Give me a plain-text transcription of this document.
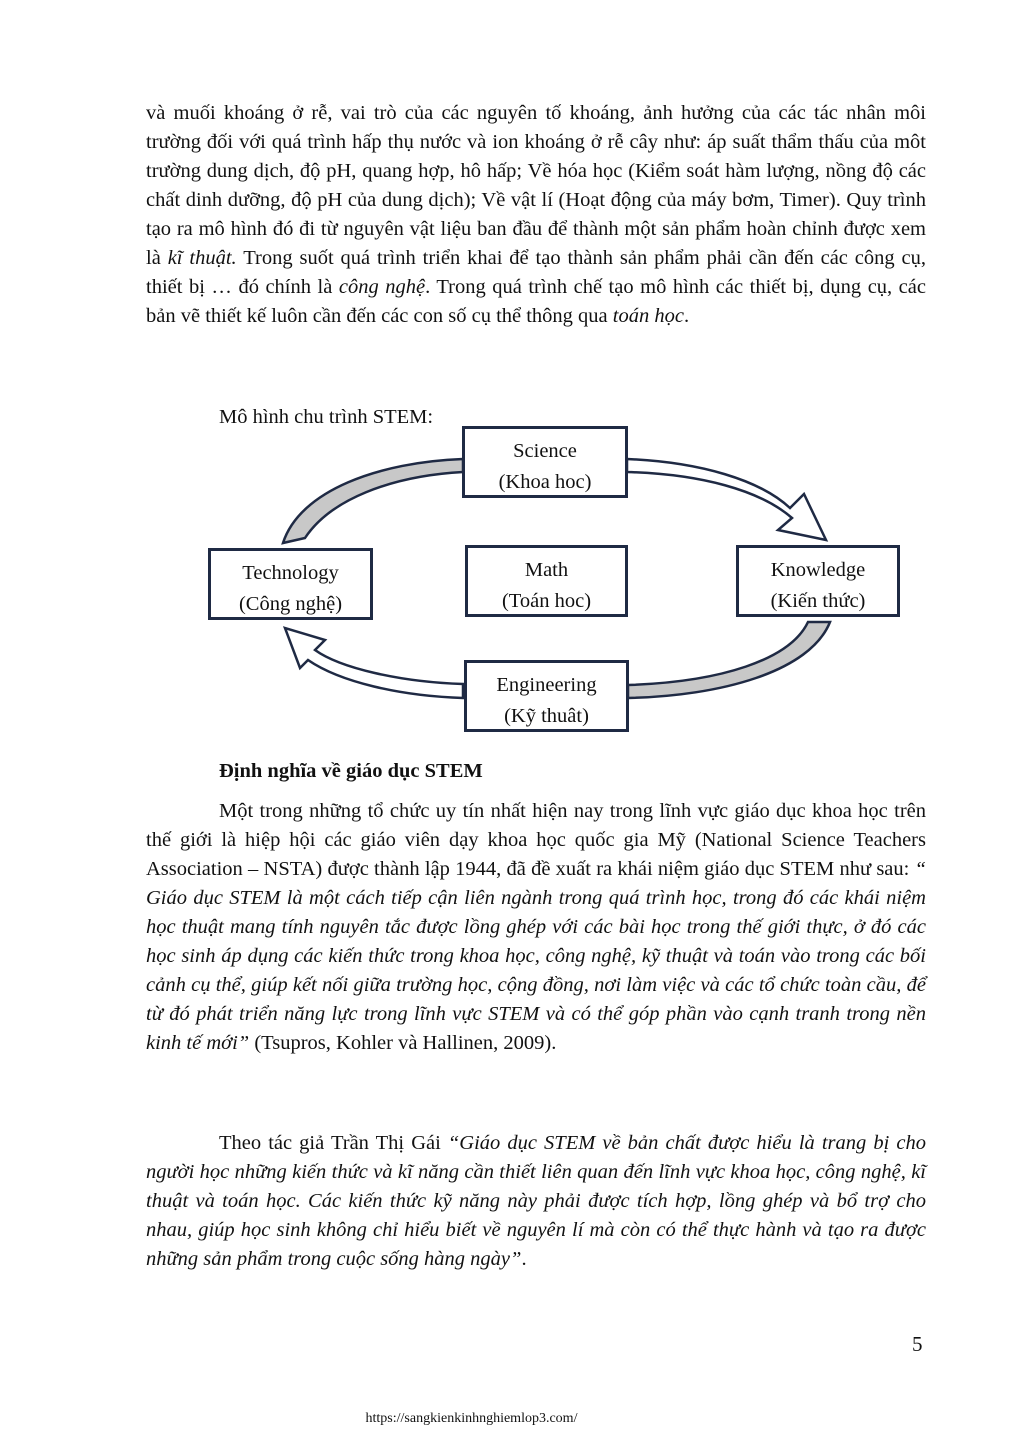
và muối khoáng ở rễ, vai trò của các nguyên tố khoáng, ảnh hưởng của các tác nhân môi trường đối với quá trình hấp thụ nước và ion khoáng ở rễ cây như: áp suất thẩm thấu của môt trường dung dịch, độ pH, quang hợp, hô hấp; Về hóa học (Kiểm soát hàm lượng, nồng độ các chất dinh dưỡng, độ pH của dung dịch); Về vật lí (Hoạt động của máy bơm, Timer). Quy trình tạo ra mô hình đó đi từ nguyên vật liệu ban đầu để thành một sản phẩm hoàn chỉnh được xem là kĩ thuật. Trong suốt quá trình triển khai để tạo thành sản phẩm phải cần đến các công cụ, thiết bị … đó chính là công nghệ. Trong quá trình chế tạo mô hình các thiết bị, dụng cụ, các bản vẽ thiết kế luôn cần đến các con số cụ thể thông qua toán học.

Mô hình chu trình STEM:

Science
(Khoa hoc)
Technology
(Công nghệ)
Math
(Toán hoc)
Knowledge
(Kiến thức)
Engineering
(Kỹ thuât)

Định nghĩa về giáo dục STEM

Một trong những tổ chức uy tín nhất hiện nay trong lĩnh vực giáo dục khoa học trên thế giới là hiệp hội các giáo viên dạy khoa học quốc gia Mỹ (National Science Teachers Association – NSTA) được thành lập 1944, đã đề xuất ra khái niệm giáo dục STEM như sau: “ Giáo dục STEM là một cách tiếp cận liên ngành trong quá trình học, trong đó các khái niệm học thuật mang tính nguyên tắc được lồng ghép với các bài học trong thế giới thực, ở đó các học sinh áp dụng các kiến thức trong khoa học, công nghệ, kỹ thuật và toán vào trong các bối cảnh cụ thể, giúp kết nối giữa trường học, cộng đồng, nơi làm việc và các tổ chức toàn cầu, để từ đó phát triển năng lực trong lĩnh vực STEM và có thể góp phần vào cạnh tranh trong nền kinh tế mới” (Tsupros, Kohler và Hallinen, 2009).

Theo tác giả Trần Thị Gái “Giáo dục STEM về bản chất được hiểu là trang bị cho người học những kiến thức và kĩ năng cần thiết liên quan đến lĩnh vực khoa học, công nghệ, kĩ thuật và toán học. Các kiến thức kỹ năng này phải được tích hợp, lồng ghép và bổ trợ cho nhau, giúp học sinh không chỉ hiểu biết về nguyên lí mà còn có thể thực hành và tạo ra được những sản phẩm trong cuộc sống hàng ngày”.

5

https://sangkienkinhnghiemlop3.com/
